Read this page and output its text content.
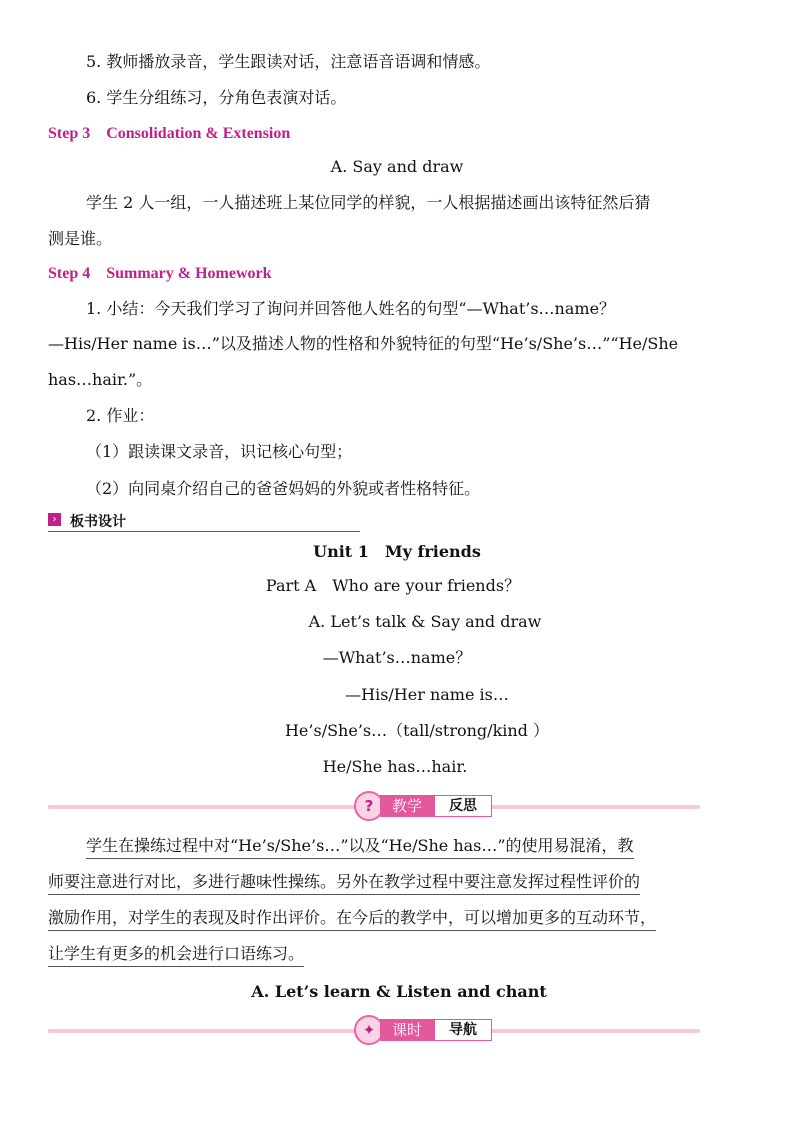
5. 教师播放录音，学生跟读对话，注意语音语调和情感。
6. 学生分组练习，分角色表演对话。
Step 3　Consolidation & Extension
A. Say and draw
学生 2 人一组，一人描述班上某位同学的样貌，一人根据描述画出该特征然后猜
测是谁。
Step 4　Summary & Homework
1. 小结：今天我们学习了询问并回答他人姓名的句型“—What’s…name？
—His/Her name is…”以及描述人物的性格和外貌特征的句型“He’s/She’s…”“He/She
has…hair.”。
2. 作业：
（1）跟读课文录音，识记核心句型；
（2）向同桌介绍自己的爸爸妈妈的外貌或者性格特征。
› 板书设计
Unit 1　My friends
Part A　Who are your friends？
A. Let’s talk & Say and draw
—What’s…name？
—His/Her name is…
He’s/She’s…（tall/strong/kind ）
He/She has…hair.
?	教学	反思
学生在操练过程中对“He’s/She’s…”以及“He/She has…”的使用易混淆，教
师要注意进行对比，多进行趣味性操练。另外在教学过程中要注意发挥过程性评价的
激励作用，对学生的表现及时作出评价。在今后的教学中，可以增加更多的互动环节，
让学生有更多的机会进行口语练习。
A. Let’s learn & Listen and chant
✦	课时	导航
